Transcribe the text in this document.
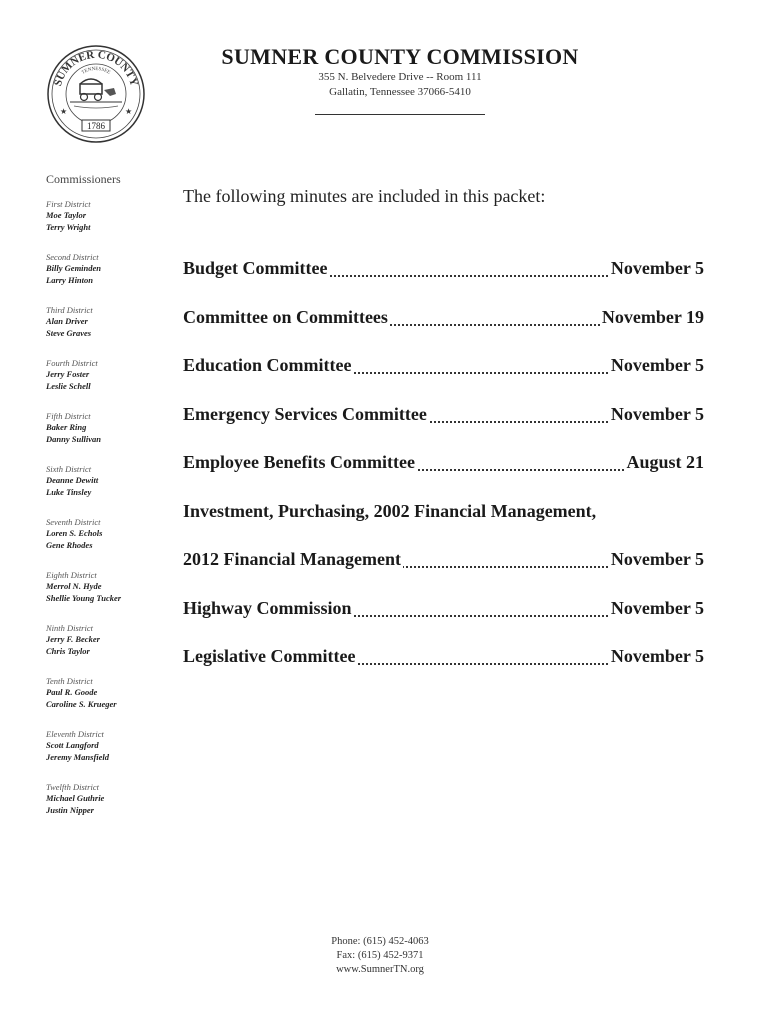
SUMNER COUNTY
TENNESSEE
★	★
1786
SUMNER COUNTY COMMISSION
355 N. Belvedere Drive -- Room 111
Gallatin, Tennessee 37066-5410
Commissioners
First District
Moe Taylor
Terry Wright
Second District
Billy Geminden
Larry Hinton
Third District
Alan Driver
Steve Graves
Fourth District
Jerry Foster
Leslie Schell
Fifth District
Baker Ring
Danny Sullivan
Sixth District
Deanne Dewitt
Luke Tinsley
Seventh District
Loren S. Echols
Gene Rhodes
Eighth District
Merrol N. Hyde
Shellie Young Tucker
Ninth District
Jerry F. Becker
Chris Taylor
Tenth District
Paul R. Goode
Caroline S. Krueger
Eleventh District
Scott Langford
Jeremy Mansfield
Twelfth District
Michael Guthrie
Justin Nipper
The following minutes are included in this packet:
Budget Committee	November 5
Committee on Committees	November 19
Education Committee	November 5
Emergency Services Committee	November 5
Employee Benefits Committee	August 21
Investment, Purchasing, 2002 Financial Management,
2012 Financial Management	November 5
Highway Commission	November 5
Legislative Committee	November 5
Phone: (615) 452-4063
Fax: (615) 452-9371
www.SumnerTN.org
